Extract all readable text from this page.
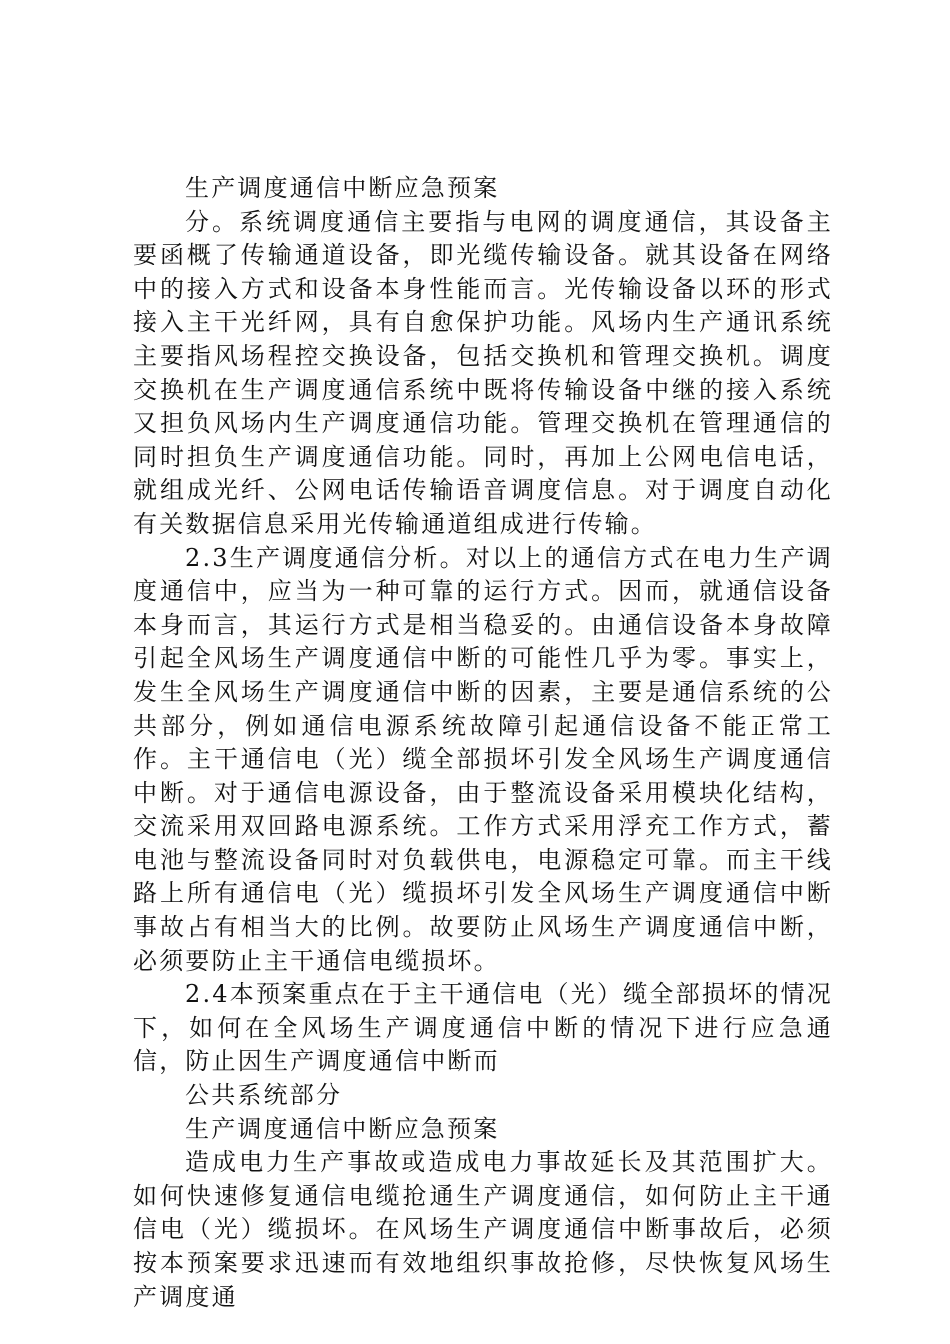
生产调度通信中断应急预案

分。系统调度通信主要指与电网的调度通信，其设备主要函概了传输通道设备，即光缆传输设备。就其设备在网络中的接入方式和设备本身性能而言。光传输设备以环的形式接入主干光纤网，具有自愈保护功能。风场内生产通讯系统主要指风场程控交换设备，包括交换机和管理交换机。调度交换机在生产调度通信系统中既将传输设备中继的接入系统又担负风场内生产调度通信功能。管理交换机在管理通信的同时担负生产调度通信功能。同时，再加上公网电信电话，就组成光纤、公网电话传输语音调度信息。对于调度自动化有关数据信息采用光传输通道组成进行传输。

2.3生产调度通信分析。对以上的通信方式在电力生产调度通信中，应当为一种可靠的运行方式。因而，就通信设备本身而言，其运行方式是相当稳妥的。由通信设备本身故障引起全风场生产调度通信中断的可能性几乎为零。事实上，发生全风场生产调度通信中断的因素，主要是通信系统的公共部分，例如通信电源系统故障引起通信设备不能正常工作。主干通信电（光）缆全部损坏引发全风场生产调度通信中断。对于通信电源设备，由于整流设备采用模块化结构，交流采用双回路电源系统。工作方式采用浮充工作方式，蓄电池与整流设备同时对负载供电，电源稳定可靠。而主干线路上所有通信电（光）缆损坏引发全风场生产调度通信中断事故占有相当大的比例。故要防止风场生产调度通信中断，必须要防止主干通信电缆损坏。

2.4本预案重点在于主干通信电（光）缆全部损坏的情况下，如何在全风场生产调度通信中断的情况下进行应急通信，防止因生产调度通信中断而

公共系统部分

生产调度通信中断应急预案

造成电力生产事故或造成电力事故延长及其范围扩大。如何快速修复通信电缆抢通生产调度通信，如何防止主干通信电（光）缆损坏。在风场生产调度通信中断事故后，必须按本预案要求迅速而有效地组织事故抢修，尽快恢复风场生产调度通
